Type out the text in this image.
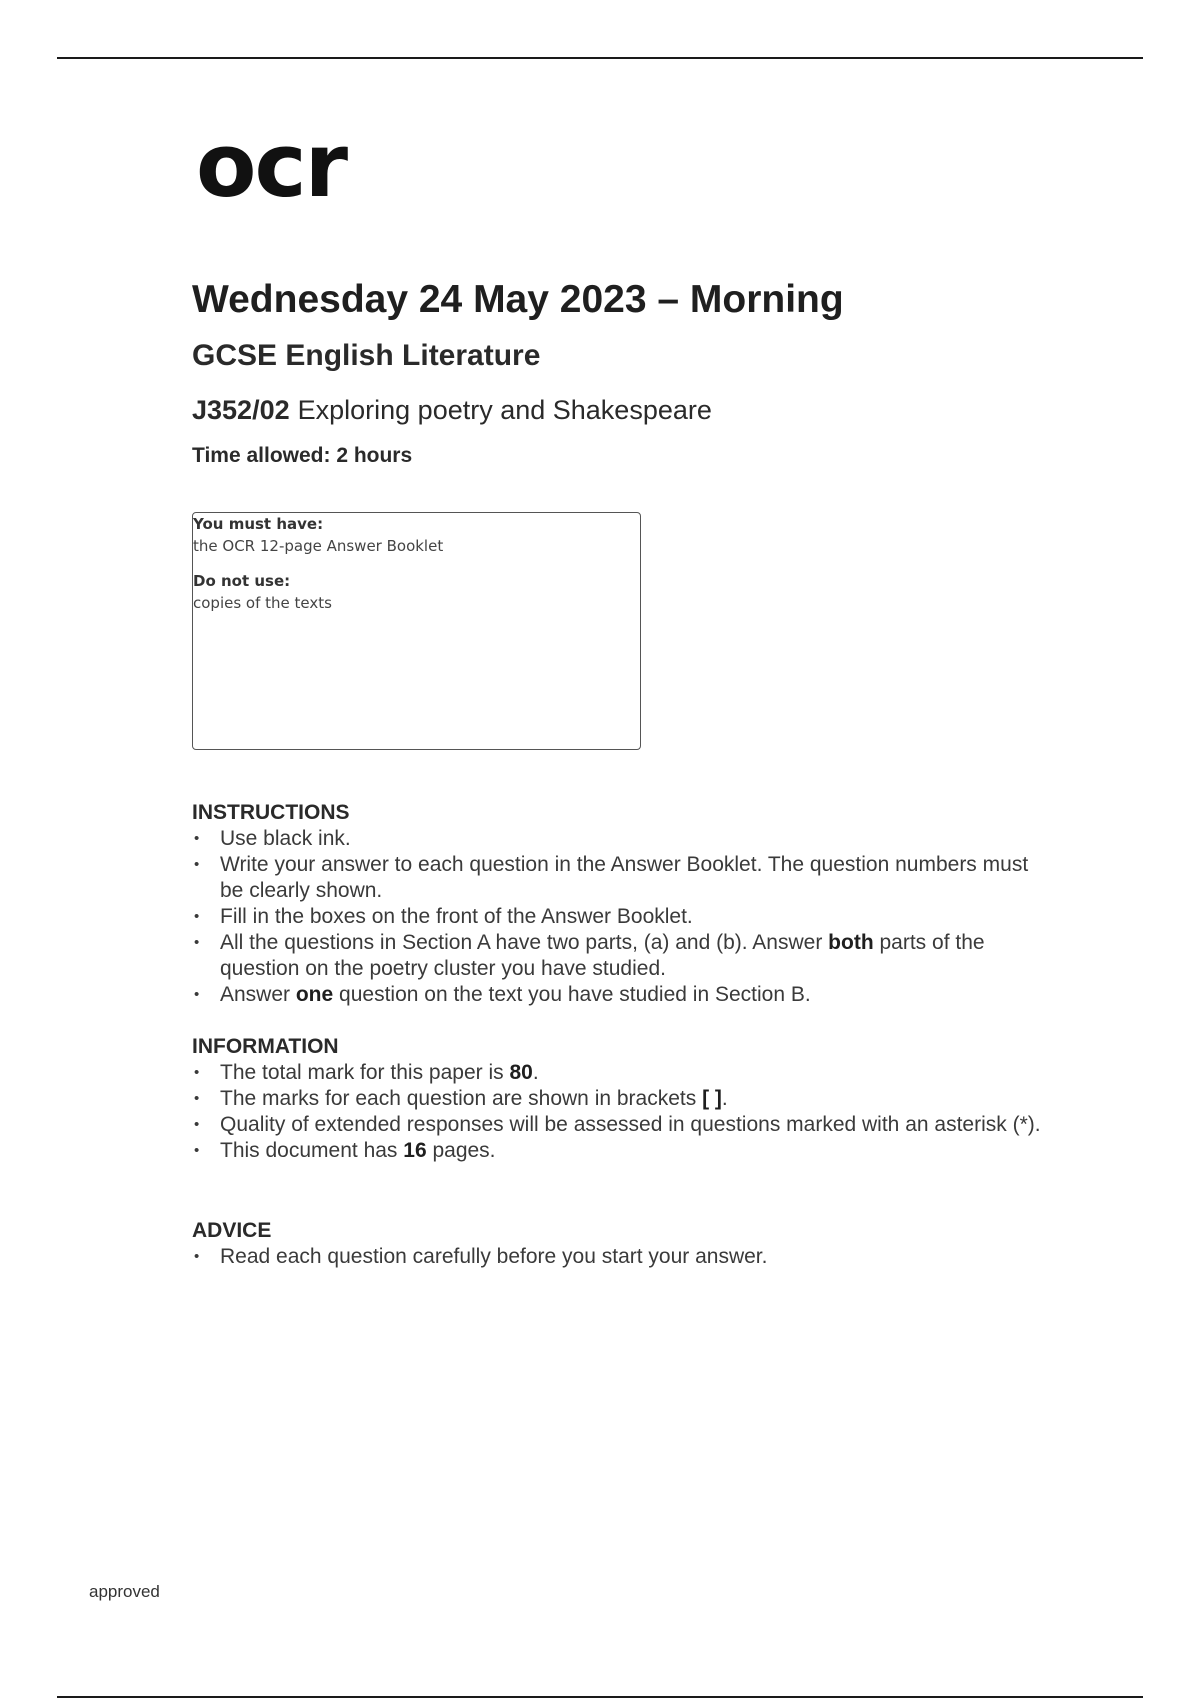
ocr
Wednesday 24 May 2023 – Morning
GCSE English Literature
J352/02 Exploring poetry and Shakespeare
Time allowed: 2 hours
You must have:
the OCR 12-page Answer Booklet
Do not use:
copies of the texts
INSTRUCTIONS
• Use black ink.
• Write your answer to each question in the Answer Booklet. The question numbers must be clearly shown.
• Fill in the boxes on the front of the Answer Booklet.
• All the questions in Section A have two parts, (a) and (b). Answer both parts of the question on the poetry cluster you have studied.
• Answer one question on the text you have studied in Section B.
INFORMATION
• The total mark for this paper is 80.
• The marks for each question are shown in brackets [ ].
• Quality of extended responses will be assessed in questions marked with an asterisk (*).
• This document has 16 pages.
ADVICE
• Read each question carefully before you start your answer.
approved
